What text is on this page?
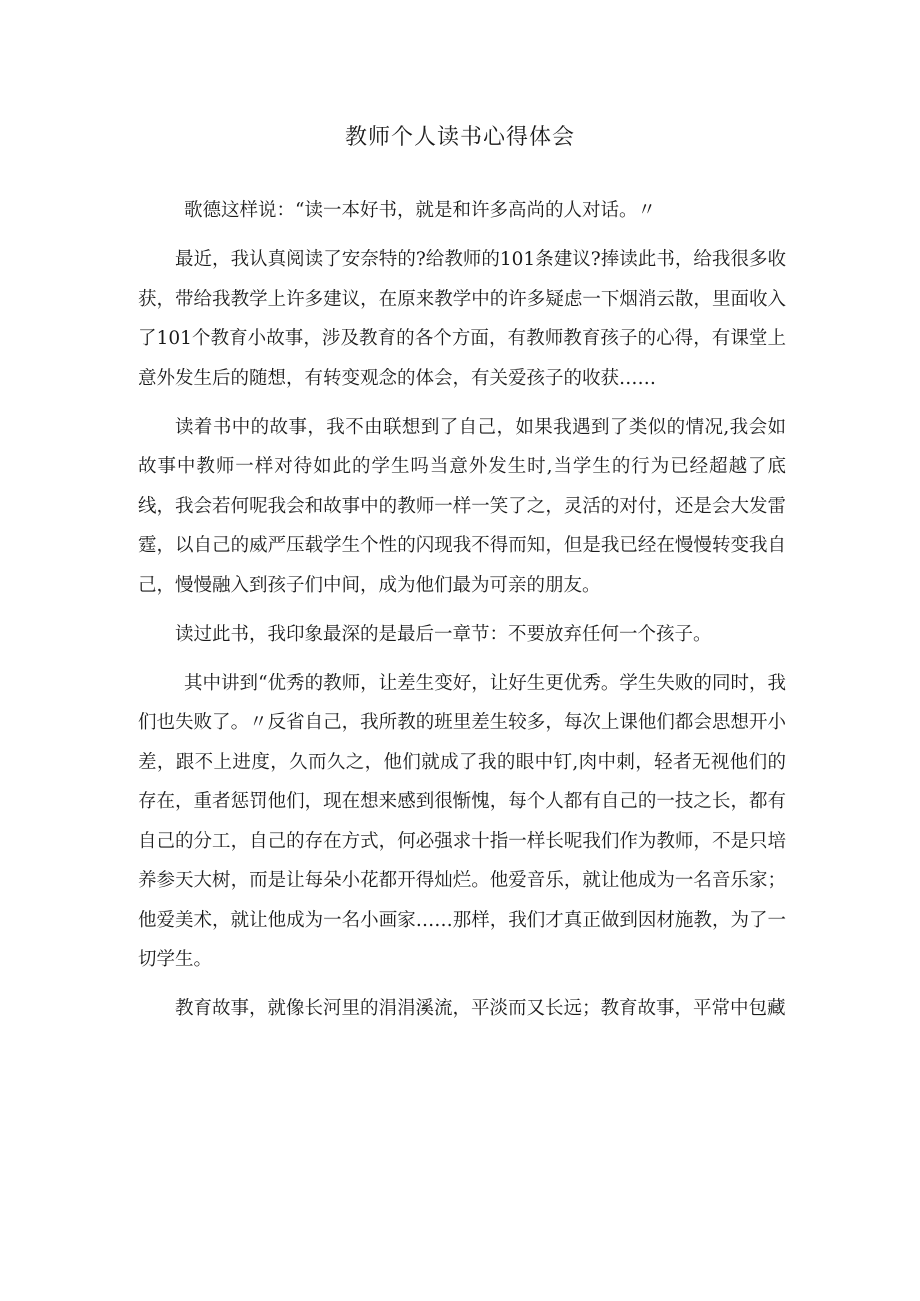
教师个人读书心得体会

歌德这样说：“读一本好书，就是和许多高尚的人对话。〃

最近，我认真阅读了安奈特的?给教师的101条建议?捧读此书，给我很多收获，带给我教学上许多建议，在原来教学中的许多疑虑一下烟消云散，里面收入了101个教育小故事，涉及教育的各个方面，有教师教育孩子的心得，有课堂上意外发生后的随想，有转变观念的体会，有关爱孩子的收获……

读着书中的故事，我不由联想到了自己，如果我遇到了类似的情况,我会如故事中教师一样对待如此的学生吗当意外发生时,当学生的行为已经超越了底线，我会若何呢我会和故事中的教师一样一笑了之，灵活的对付，还是会大发雷霆，以自己的威严压载学生个性的闪现我不得而知，但是我已经在慢慢转变我自己，慢慢融入到孩子们中间，成为他们最为可亲的朋友。

读过此书，我印象最深的是最后一章节：不要放弃任何一个孩子。

其中讲到“优秀的教师，让差生变好，让好生更优秀。学生失败的同时，我们也失败了。〃反省自己，我所教的班里差生较多，每次上课他们都会思想开小差，跟不上进度，久而久之，他们就成了我的眼中钉,肉中刺，轻者无视他们的存在，重者惩罚他们，现在想来感到很惭愧，每个人都有自己的一技之长，都有自己的分工，自己的存在方式，何必强求十指一样长呢我们作为教师，不是只培养参天大树，而是让每朵小花都开得灿烂。他爱音乐，就让他成为一名音乐家；他爱美术，就让他成为一名小画家……那样，我们才真正做到因材施教，为了一切学生。

教育故事，就像长河里的涓涓溪流，平淡而又长远；教育故事，平常中包藏
